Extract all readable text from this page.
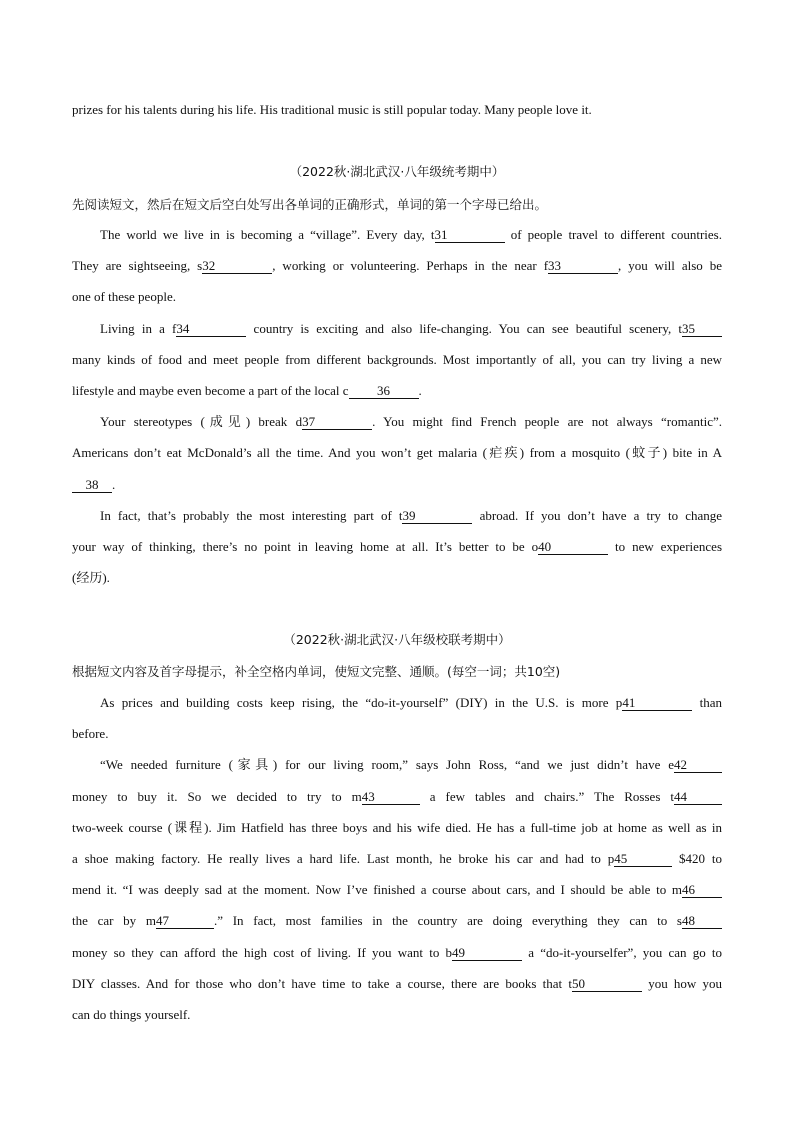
prizes for his talents during his life. His traditional music is still popular today. Many people love it.
（2022秋·湖北武汉·八年级统考期中）
先阅读短文，然后在短文后空白处写出各单词的正确形式，单词的第一个字母已给出。
The world we live in is becoming a “village”. Every day, t31	of people travel to different countries.
They are sightseeing, s32	, working or volunteering. Perhaps in the near f33	, you will also be
one of these people.
Living in a f34	country is exciting and also life-changing. You can see beautiful scenery, t35
many kinds of food and meet people from different backgrounds. Most importantly of all, you can try living a new
lifestyle and maybe even become a part of the local c 36 .
Your stereotypes (成见) break d37	. You might find French people are not always “romantic”.
Americans don’t eat McDonald’s all the time. And you won’t get malaria (疟疾) from a mosquito (蚊子) bite in A
38 .
In fact, that’s probably the most interesting part of t39	abroad. If you don’t have a try to change
your way of thinking, there’s no point in leaving home at all. It’s better to be o40	to new experiences
(经历).
（2022秋·湖北武汉·八年级校联考期中）
根据短文内容及首字母提示，补全空格内单词，使短文完整、通顺。(每空一词；共10空)
As prices and building costs keep rising, the “do-it-yourself” (DIY) in the U.S. is more p41	than
before.
“We needed furniture (家具) for our living room,” says John Ross, “and we just didn’t have e42
money to buy it. So we decided to try to m43	a few tables and chairs.” The Rosses t44
two-week course (课程). Jim Hatfield has three boys and his wife died. He has a full-time job at home as well as in
a shoe making factory. He really lives a hard life. Last month, he broke his car and had to p45	$420 to
mend it. “I was deeply sad at the moment. Now I’ve finished a course about cars, and I should be able to m46
the car by m47	.” In fact, most families in the country are doing everything they can to s48
money so they can afford the high cost of living. If you want to b49	a “do-it-yourselfer”, you can go to
DIY classes. And for those who don’t have time to take a course, there are books that t50	you how you
can do things yourself.
